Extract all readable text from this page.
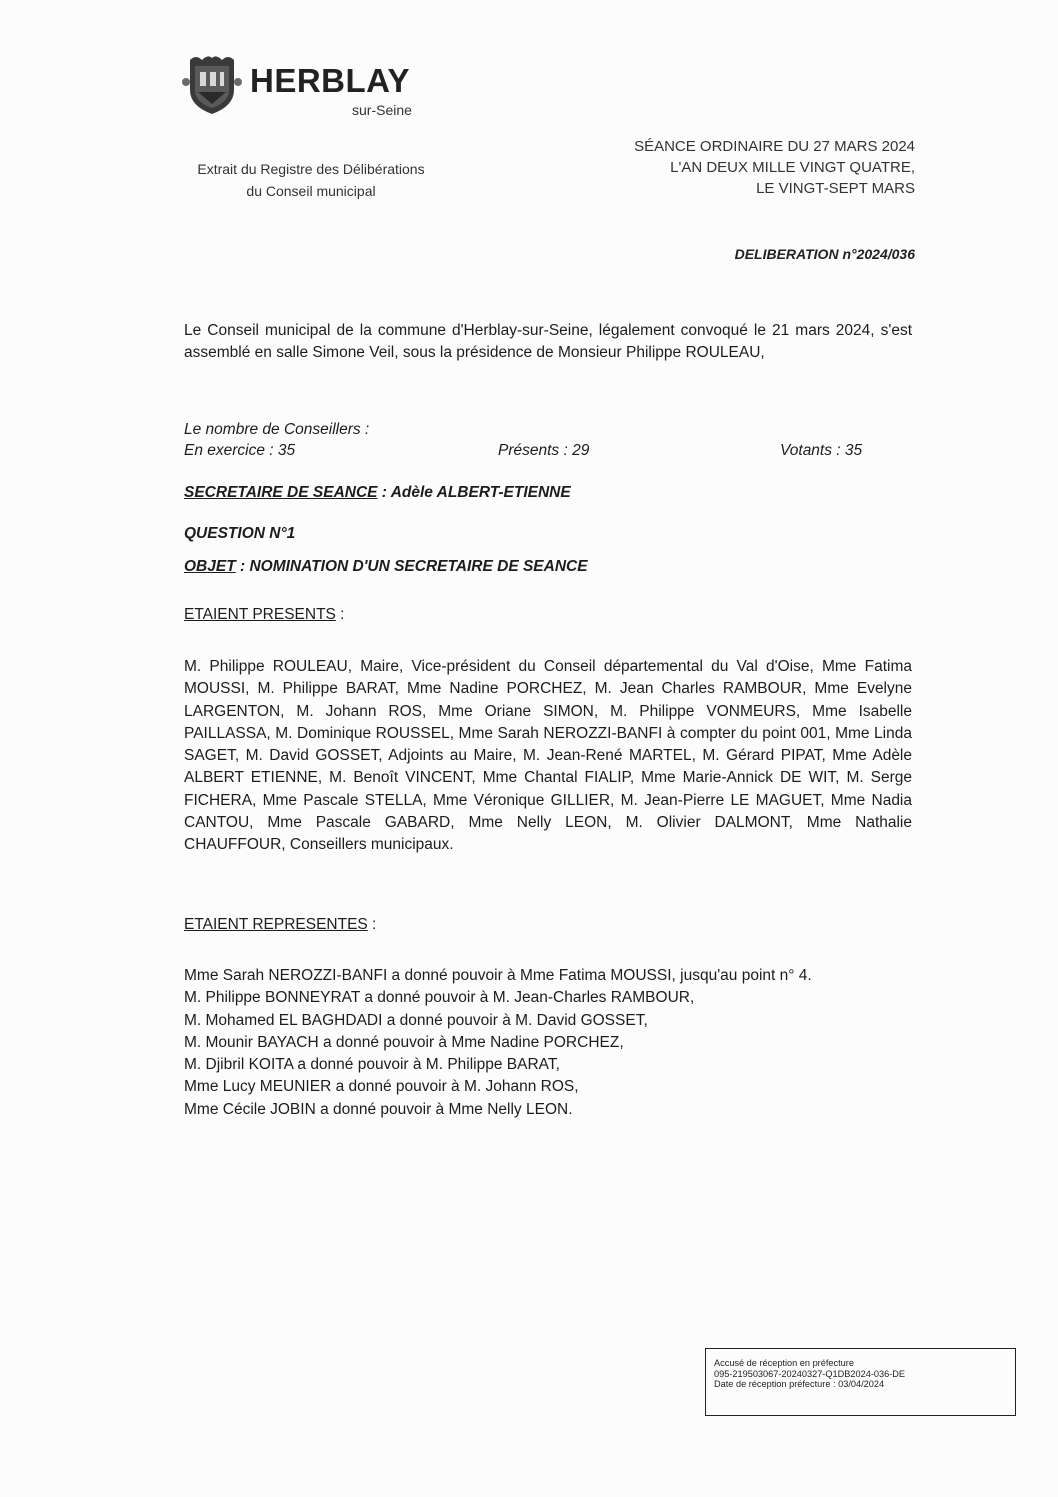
HERBLAY
sur-Seine
Extrait du Registre des Délibérations
du Conseil municipal
SÉANCE ORDINAIRE DU 27 MARS 2024
L'AN DEUX MILLE VINGT QUATRE,
LE VINGT-SEPT MARS
DELIBERATION n°2024/036
Le Conseil municipal de la commune d'Herblay-sur-Seine, légalement convoqué le 21 mars 2024, s'est assemblé en salle Simone Veil, sous la présidence de Monsieur Philippe ROULEAU,
Le nombre de Conseillers :
En exercice : 35	Présents : 29	Votants : 35
SECRETAIRE DE SEANCE : Adèle ALBERT-ETIENNE
QUESTION N°1
OBJET : NOMINATION D'UN SECRETAIRE DE SEANCE
ETAIENT PRESENTS :
M. Philippe ROULEAU, Maire, Vice-président du Conseil départemental du Val d'Oise, Mme Fatima MOUSSI, M. Philippe BARAT, Mme Nadine PORCHEZ, M. Jean Charles RAMBOUR, Mme Evelyne LARGENTON, M. Johann ROS, Mme Oriane SIMON, M. Philippe VONMEURS, Mme Isabelle PAILLASSA, M. Dominique ROUSSEL, Mme Sarah NEROZZI-BANFI à compter du point 001, Mme Linda SAGET, M. David GOSSET, Adjoints au Maire, M. Jean-René MARTEL, M. Gérard PIPAT, Mme Adèle ALBERT ETIENNE, M. Benoît VINCENT, Mme Chantal FIALIP, Mme Marie-Annick DE WIT, M. Serge FICHERA, Mme Pascale STELLA, Mme Véronique GILLIER, M. Jean-Pierre LE MAGUET, Mme Nadia CANTOU, Mme Pascale GABARD, Mme Nelly LEON, M. Olivier DALMONT, Mme Nathalie CHAUFFOUR, Conseillers municipaux.
ETAIENT REPRESENTES :
Mme Sarah NEROZZI-BANFI a donné pouvoir à Mme Fatima MOUSSI, jusqu'au point n° 4.
M. Philippe BONNEYRAT a donné pouvoir à M. Jean-Charles RAMBOUR,
M. Mohamed EL BAGHDADI a donné pouvoir à M. David GOSSET,
M. Mounir BAYACH a donné pouvoir à Mme Nadine PORCHEZ,
M. Djibril KOITA a donné pouvoir à M. Philippe BARAT,
Mme Lucy MEUNIER a donné pouvoir à M. Johann ROS,
Mme Cécile JOBIN a donné pouvoir à Mme Nelly LEON.
Accusé de réception en préfecture
095-219503067-20240327-Q1DB2024-036-DE
Date de réception préfecture : 03/04/2024
